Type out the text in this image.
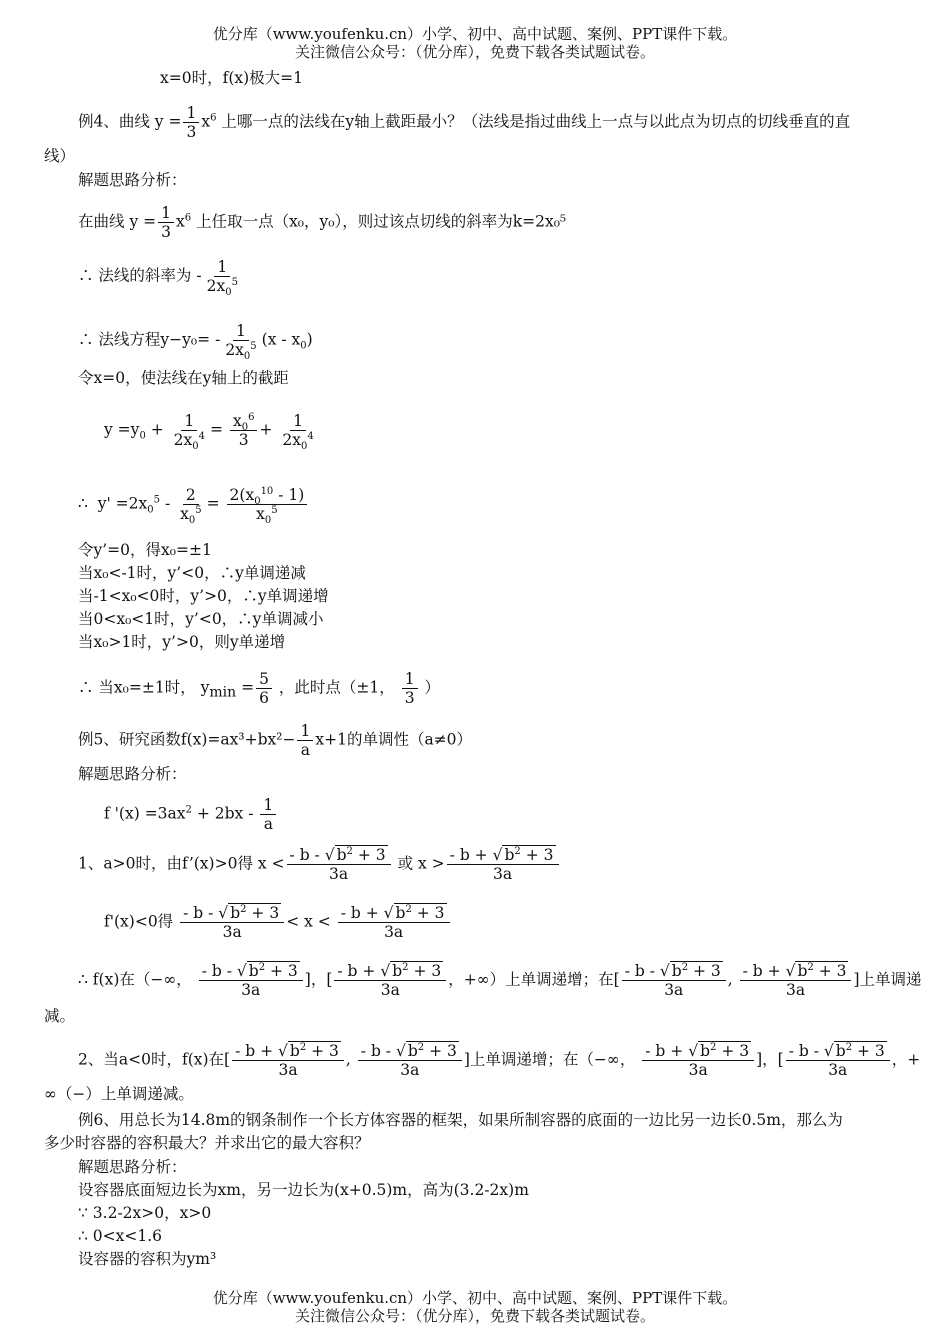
优分库（www.youfenku.cn）小学、初中、高中试题、案例、PPT课件下载。
关注微信公众号：（优分库），免费下载各类试题试卷。
x=0时，f(x)极大=1
例4、曲线 $y = \frac{1}{3} x^6$ 上哪一点的法线在y轴上截距最小？（法线是指过曲线上一点与以此点为切点的切线垂直的直
线）
解题思路分析：
在曲线 $y = \frac{1}{3} x^6$ 上任取一点（x₀，y₀），则过该点切线的斜率为k=2x₀⁵
∴ 法线的斜率为 - $\frac{1}{2x_0^5}$
∴ 法线方程$y-y_0= - \frac{1}{2x_0^5} (x - x_0)$
令x=0，使法线在y轴上的截距
$y =y_0 + \frac{1}{2x_0^4} = \frac{x_0^6}{3} + \frac{1}{2x_0^4}$
∴  $y' =2x_0^5 - \frac{2}{x_0^5} = \frac{2(x_0^{10} - 1)}{x_0^5}$
令y’=0，得x₀=±1
当x₀<-1时，y’<0，∴y单调递减
当-1<x₀<0时，y’>0，∴y单调递增
当0<x₀<1时，y’<0，∴y单调减小
当x₀>1时，y’>0，则y单递增
∴ 当x₀=±1时， $y_{min} = \frac{5}{6}$ ，此时点（±1， $\frac{1}{3}$ ）
例5、研究函数$f(x)=ax^3+bx^2- \frac{1}{a} x+1$的单调性（a≠0）
解题思路分析：
f '$(x) =3ax^2 + 2bx - \frac{1}{a}$
1、a>0时，由f’(x)>0得 $x < \frac{- b - √ b^2 + 3}{3a}$ 或 $x > \frac{- b + √ b^2 + 3}{3a}$
f'(x)<0得 $\frac{- b - √ b^2 + 3}{3a} < x < \frac{- b + √ b^2 + 3}{3a}$
∴ f(x)在（−∞， $\frac{- b - √ b^2 + 3}{3a}$ ]，[ $\frac{- b + √ b^2 + 3}{3a}$ ，+∞）上单调递增；在[ $\frac{- b - √ b^2 + 3}{3a}$ , $\frac{- b + √ b^2 + 3}{3a}$ ]上单调递
减。
2、当a<0时，f(x)在[ $\frac{- b + √ b^2 + 3}{3a}$ , $\frac{- b - √ b^2 + 3}{3a}$ ]上单调递增；在（−∞， $\frac{- b + √ b^2 + 3}{3a}$ ]，[ $\frac{- b - √ b^2 + 3}{3a}$ ，+
∞（−）上单调递减。
例6、用总长为14.8m的钢条制作一个长方体容器的框架，如果所制容器的底面的一边比另一边长0.5m，那么为
多少时容器的容积最大？并求出它的最大容积？
解题思路分析：
设容器底面短边长为xm，另一边长为(x+0.5)m，高为(3.2-2x)m
∵ 3.2-2x>0，x>0
∴ 0<x<1.6
设容器的容积为ym³
优分库（www.youfenku.cn）小学、初中、高中试题、案例、PPT课件下载。
关注微信公众号：（优分库），免费下载各类试题试卷。
